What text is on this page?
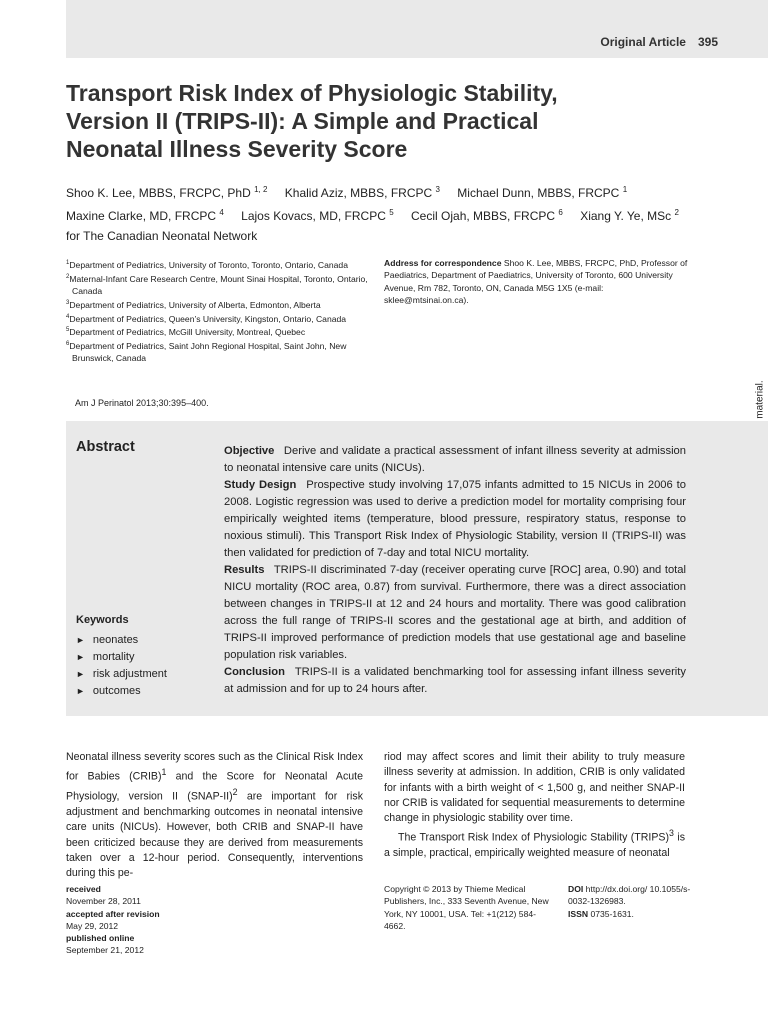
Original Article 395
Transport Risk Index of Physiologic Stability, Version II (TRIPS-II): A Simple and Practical Neonatal Illness Severity Score
Shoo K. Lee, MBBS, FRCPC, PhD $^{1, 2}$ Khalid Aziz, MBBS, FRCPC $^3$ Michael Dunn, MBBS, FRCPC $^1$
Maxine Clarke, MD, FRCPC $^4$ Lajos Kovacs, MD, FRCPC $^5$ Cecil Ojah, MBBS, FRCPC $^6$ Xiang Y. Ye, MSc $^2$
for The Canadian Neonatal Network
$^1$Department of Pediatrics, University of Toronto, Toronto, Ontario, Canada
$^2$Maternal-Infant Care Research Centre, Mount Sinai Hospital, Toronto, Ontario, Canada
$^3$Department of Pediatrics, University of Alberta, Edmonton, Alberta
$^4$Department of Pediatrics, Queen’s University, Kingston, Ontario, Canada
$^5$Department of Pediatrics, McGill University, Montreal, Quebec
$^6$Department of Pediatrics, Saint John Regional Hospital, Saint John, New Brunswick, Canada
Address for correspondence Shoo K. Lee, MBBS, FRCPC, PhD, Professor of Paediatrics, Department of Paediatrics, University of Toronto, 600 University Avenue, Rm 782, Toronto, ON, Canada M5G 1X5 (e-mail: sklee@mtsinai.on.ca).
Am J Perinatol 2013;30:395–400.
Abstract	Objective Derive and validate a practical assessment of infant illness severity at admission to neonatal intensive care units (NICUs).
Study Design Prospective study involving 17,075 infants admitted to 15 NICUs in 2006 to 2008. Logistic regression was used to derive a prediction model for mortality comprising four empirically weighted items (temperature, blood pressure, respiratory status, response to noxious stimuli). This Transport Risk Index of Physiologic Stability, version II (TRIPS-II) was then validated for prediction of 7-day and total NICU mortality.
Results TRIPS-II discriminated 7-day (receiver operating curve [ROC] area, 0.90) and total NICU mortality (ROC area, 0.87) from survival. Furthermore, there was a direct association between changes in TRIPS-II at 12 and 24 hours and mortality. There was good calibration across the full range of TRIPS-II scores and the gestational age at birth, and addition of TRIPS-II improved performance of prediction models that use gestational age and baseline population risk variables.
Conclusion TRIPS-II is a validated benchmarking tool for assessing infant illness severity at admission and for up to 24 hours after.
Keywords
► neonates
► mortality
► risk adjustment
► outcomes

Neonatal illness severity scores such as the Clinical Risk Index for Babies (CRIB)$^1$ and the Score for Neonatal Acute Physiology, version II (SNAP-II)$^2$ are important for risk adjustment and benchmarking outcomes in neonatal intensive care units (NICUs). However, both CRIB and SNAP-II have been criticized because they are derived from measurements taken over a 12-hour period. Consequently, interventions during this pe-

riod may affect scores and limit their ability to truly measure illness severity at admission. In addition, CRIB is only validated for infants with a birth weight of < 1,500 g, and neither SNAP-II nor CRIB is validated for sequential measurements to determine change in physiologic stability over time.

The Transport Risk Index of Physiologic Stability (TRIPS)$^3$ is a simple, practical, empirically weighted measure of neonatal

received
November 28, 2011
accepted after revision
May 29, 2012
published online
September 21, 2012
Copyright © 2013 by Thieme Medical Publishers, Inc., 333 Seventh Avenue, New York, NY 10001, USA. Tel: +1(212) 584-4662.
DOI http://dx.doi.org/ 10.1055/s-0032-1326983.
ISSN 0735-1631.
